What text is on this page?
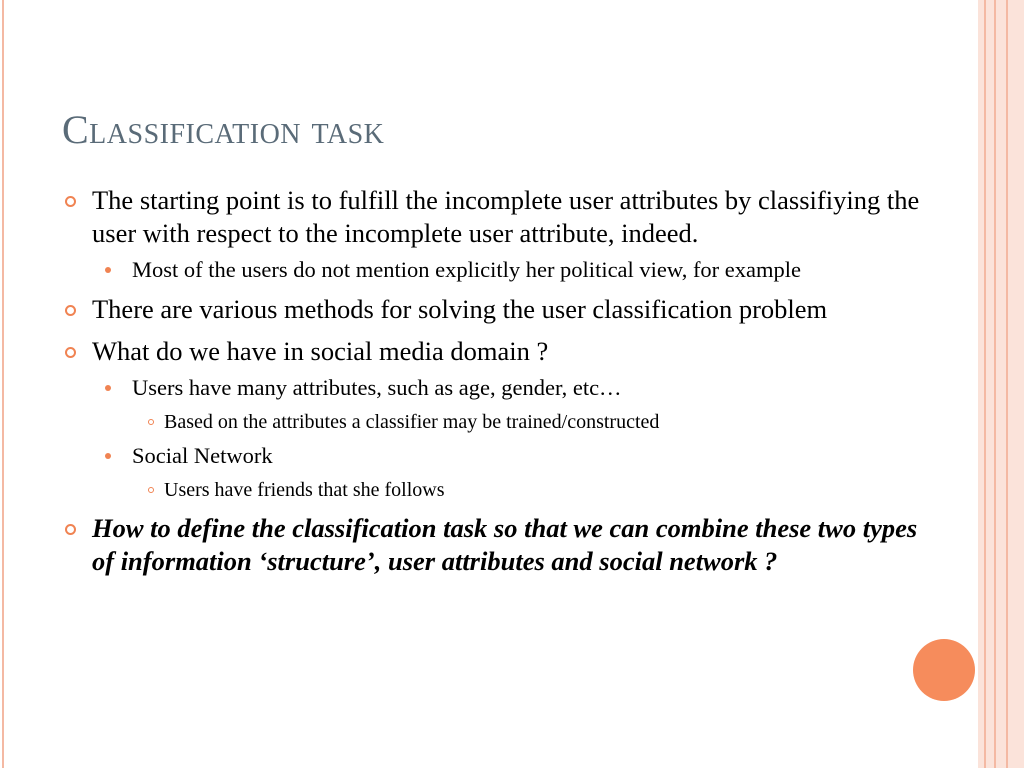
Classification task
The starting point is to fulfill the incomplete user attributes by classifiying the user with respect to the incomplete user attribute, indeed.
Most of the users do not mention explicitly her political view, for example
There are various methods for solving the user classification problem
What do we have in social media domain ?
Users have many attributes, such as age, gender, etc…
Based on the attributes a classifier may be trained/constructed
Social Network
Users have friends that she follows
How to define the classification task so that we can combine these two types of information ‘structure’, user attributes and social network ?
